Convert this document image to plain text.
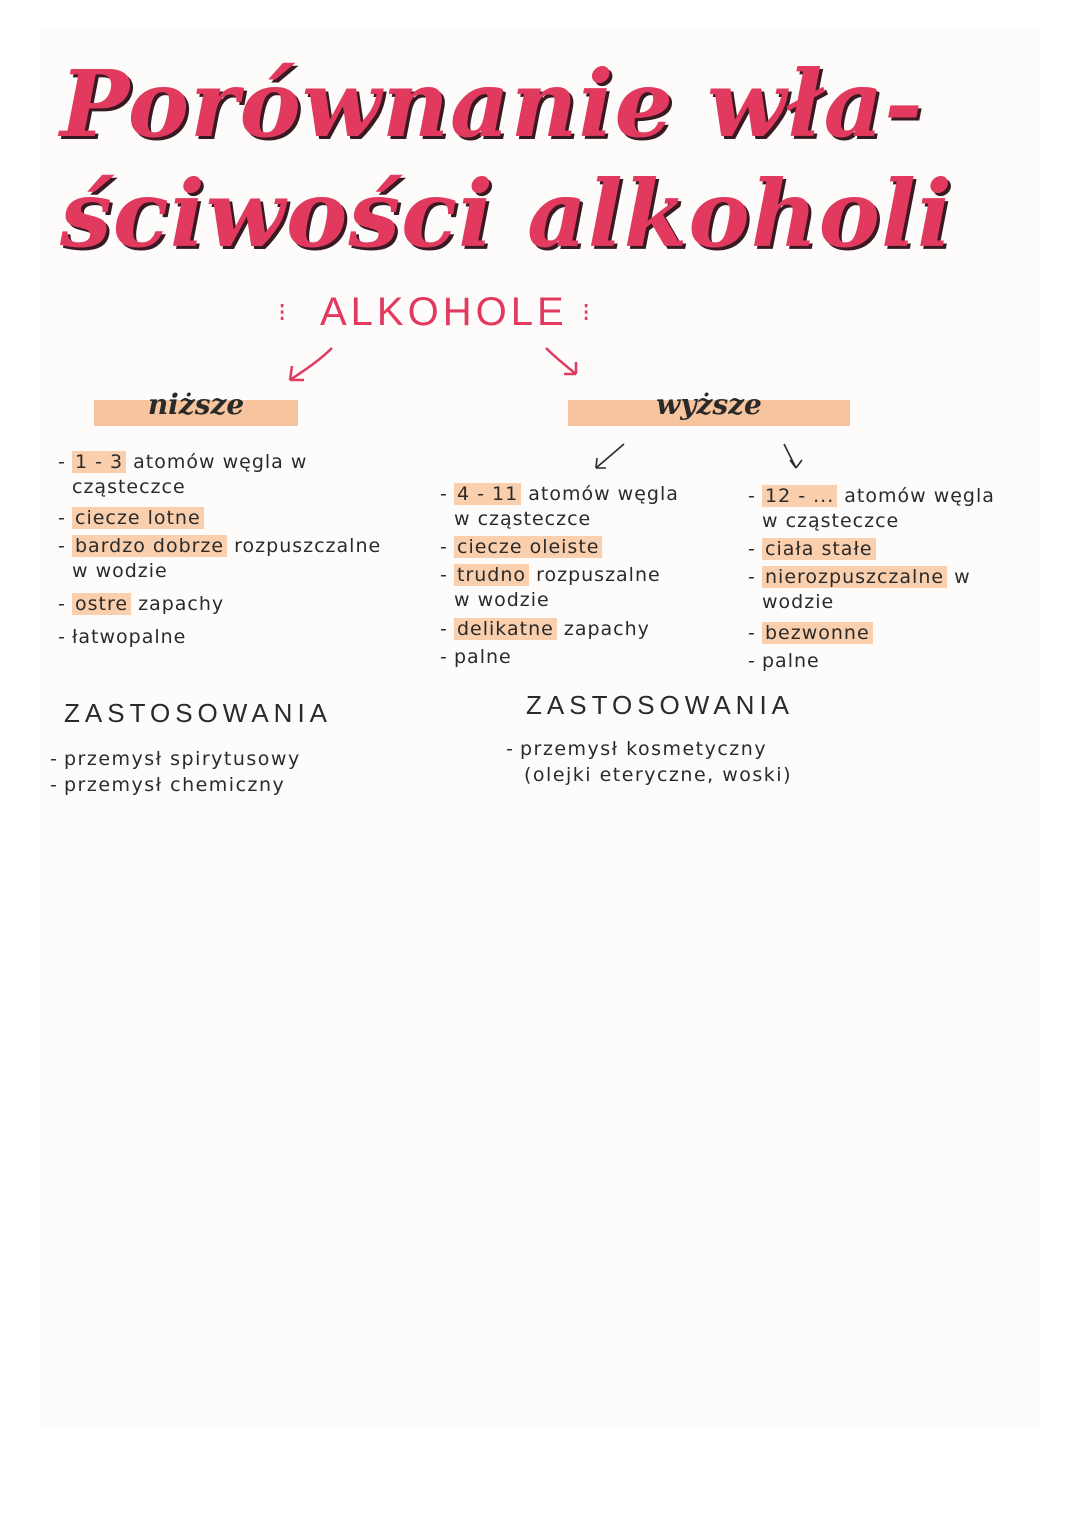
Porównanie wła-
ściwości alkoholi
⁝ ALKOHOLE ⁝
niższe	wyższe
- 1 - 3 atomów węgla w
cząsteczce
- ciecze lotne
- bardzo dobrze rozpuszczalne
w wodzie
- ostre zapachy
- łatwopalne
- 4 - 11 atomów węgla
w cząsteczce
- ciecze oleiste
- trudno rozpuszalne
w wodzie
- delikatne zapachy
- palne
- 12 - ... atomów węgla
w cząsteczce
- ciała stałe
- nierozpuszczalne w
wodzie
- bezwonne
- palne
ZASTOSOWANIA
- przemysł spirytusowy
- przemysł chemiczny
ZASTOSOWANIA
- przemysł kosmetyczny
(olejki eteryczne, woski)
